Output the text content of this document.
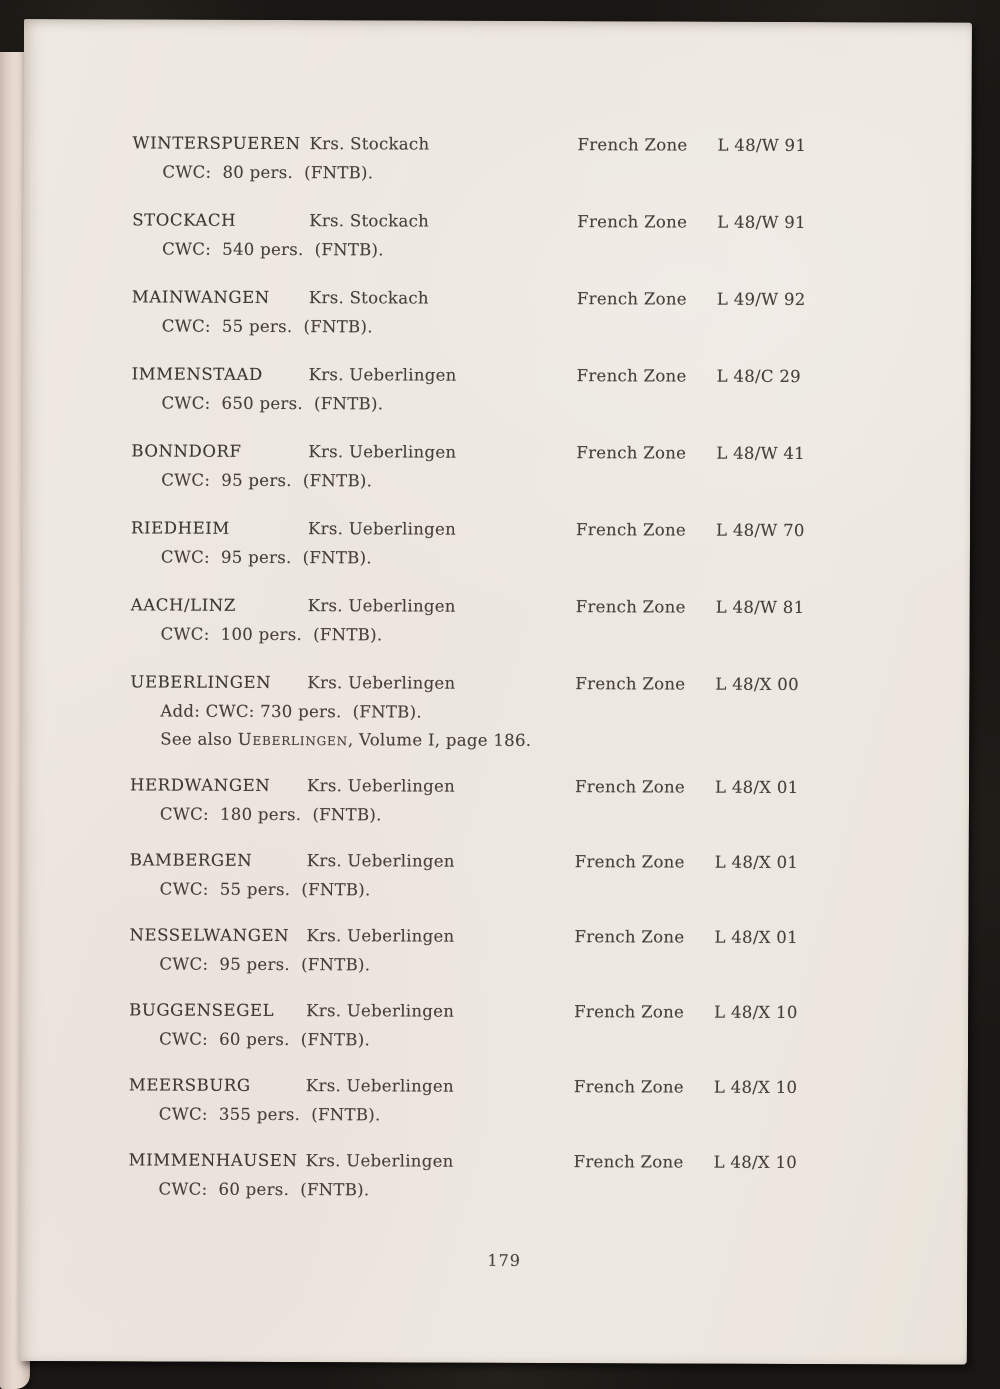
WINTERSPUEREN Krs. Stockach	French Zone L 48/W 91
CWC:  80 pers.  (FNTB).
STOCKACH	Krs. Stockach	French Zone L 48/W 91
CWC:  540 pers.  (FNTB).
MAINWANGEN Krs. Stockach	French Zone L 49/W 92
CWC:  55 pers.  (FNTB).
IMMENSTAAD	Krs. Ueberlingen	French Zone L 48/C 29
CWC:  650 pers.  (FNTB).
BONNDORF	Krs. Ueberlingen	French Zone L 48/W 41
CWC:  95 pers.  (FNTB).
RIEDHEIM	Krs. Ueberlingen	French Zone L 48/W 70
CWC:  95 pers.  (FNTB).
AACH/LINZ	Krs. Ueberlingen	French Zone L 48/W 81
CWC:  100 pers.  (FNTB).
UEBERLINGEN Krs. Ueberlingen	French Zone L 48/X 00
Add: CWC: 730 pers.  (FNTB).
See also Ueberlingen, Volume I, page 186.
HERDWANGEN Krs. Ueberlingen	French Zone L 48/X 01
CWC:  180 pers.  (FNTB).
BAMBERGEN	Krs. Ueberlingen	French Zone L 48/X 01
CWC:  55 pers.  (FNTB).
NESSELWANGEN Krs. Ueberlingen	French Zone L 48/X 01
CWC:  95 pers.  (FNTB).
BUGGENSEGEL Krs. Ueberlingen	French Zone L 48/X 10
CWC:  60 pers.  (FNTB).
MEERSBURG	Krs. Ueberlingen	French Zone L 48/X 10
CWC:  355 pers.  (FNTB).
MIMMENHAUSEN Krs. Ueberlingen	French Zone L 48/X 10
CWC:  60 pers.  (FNTB).
179
